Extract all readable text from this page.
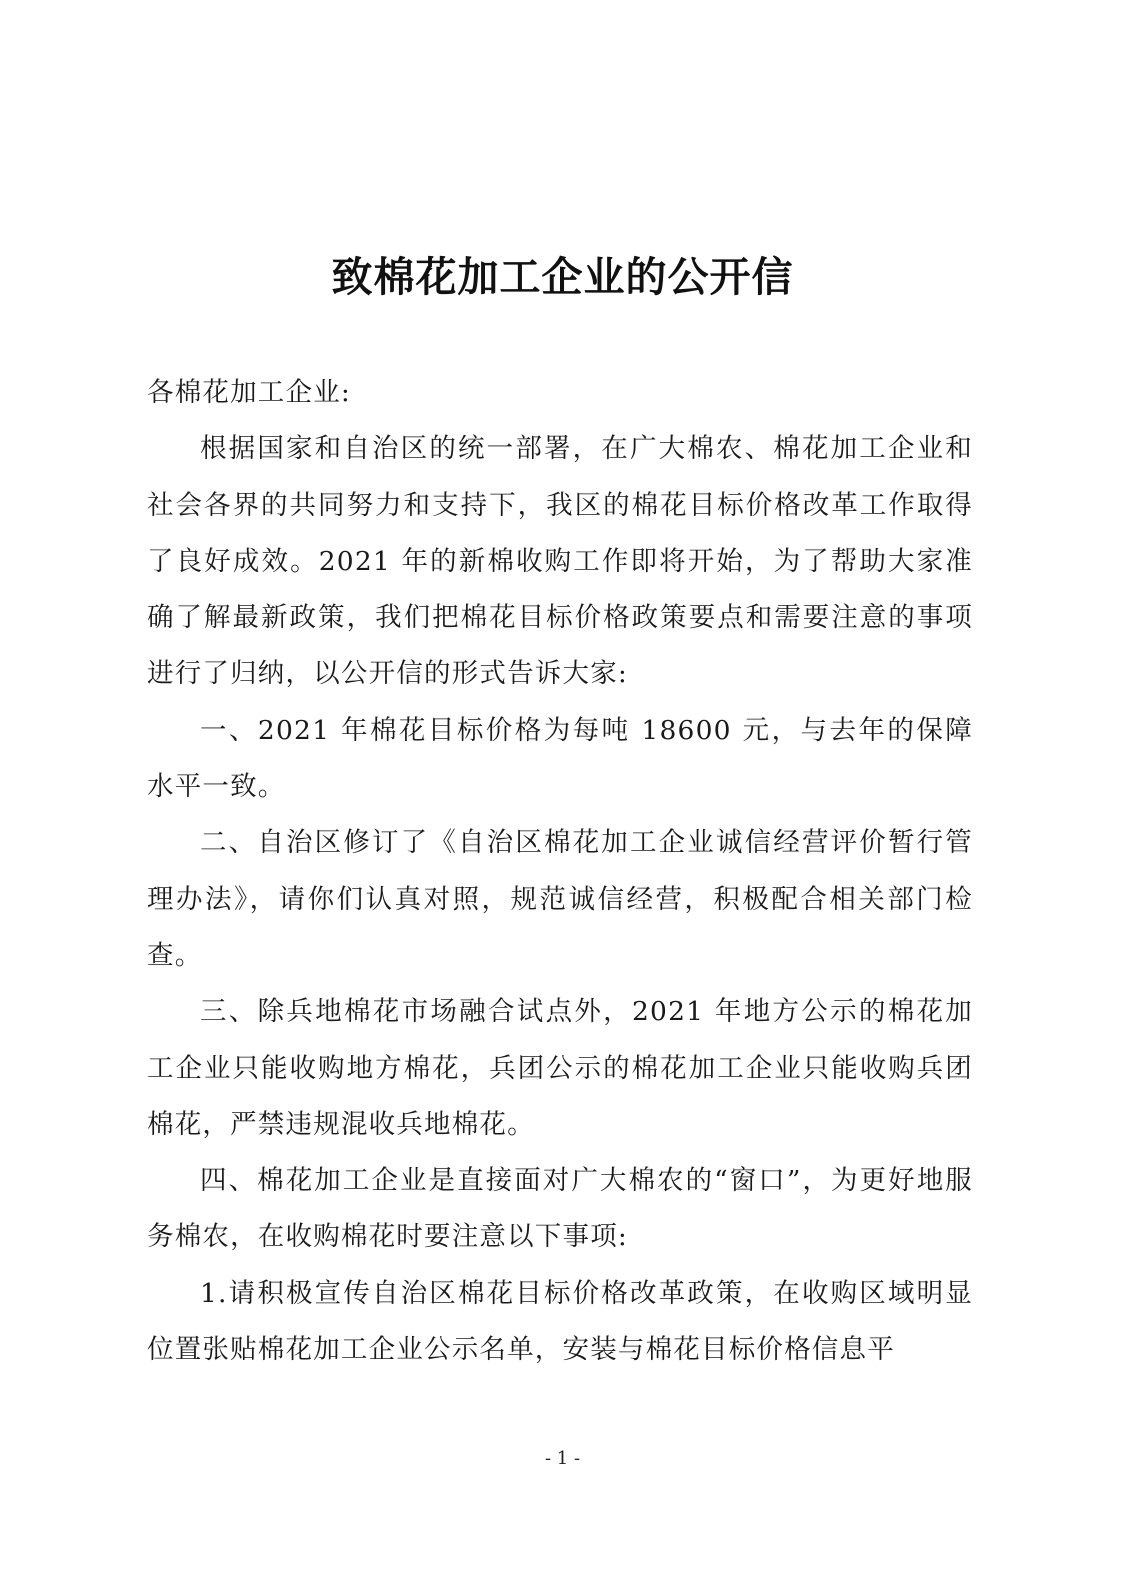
致棉花加工企业的公开信

各棉花加工企业:

根据国家和自治区的统一部署，在广大棉农、棉花加工企业和社会各界的共同努力和支持下，我区的棉花目标价格改革工作取得了良好成效。2021 年的新棉收购工作即将开始，为了帮助大家准确了解最新政策，我们把棉花目标价格政策要点和需要注意的事项进行了归纳，以公开信的形式告诉大家:

一、2021 年棉花目标价格为每吨 18600 元，与去年的保障水平一致。

二、自治区修订了《自治区棉花加工企业诚信经营评价暂行管理办法》，请你们认真对照，规范诚信经营，积极配合相关部门检查。

三、除兵地棉花市场融合试点外，2021 年地方公示的棉花加工企业只能收购地方棉花，兵团公示的棉花加工企业只能收购兵团棉花，严禁违规混收兵地棉花。

四、棉花加工企业是直接面对广大棉农的“窗口”，为更好地服务棉农，在收购棉花时要注意以下事项:

1.请积极宣传自治区棉花目标价格改革政策，在收购区域明显位置张贴棉花加工企业公示名单，安装与棉花目标价格信息平

- 1 -
